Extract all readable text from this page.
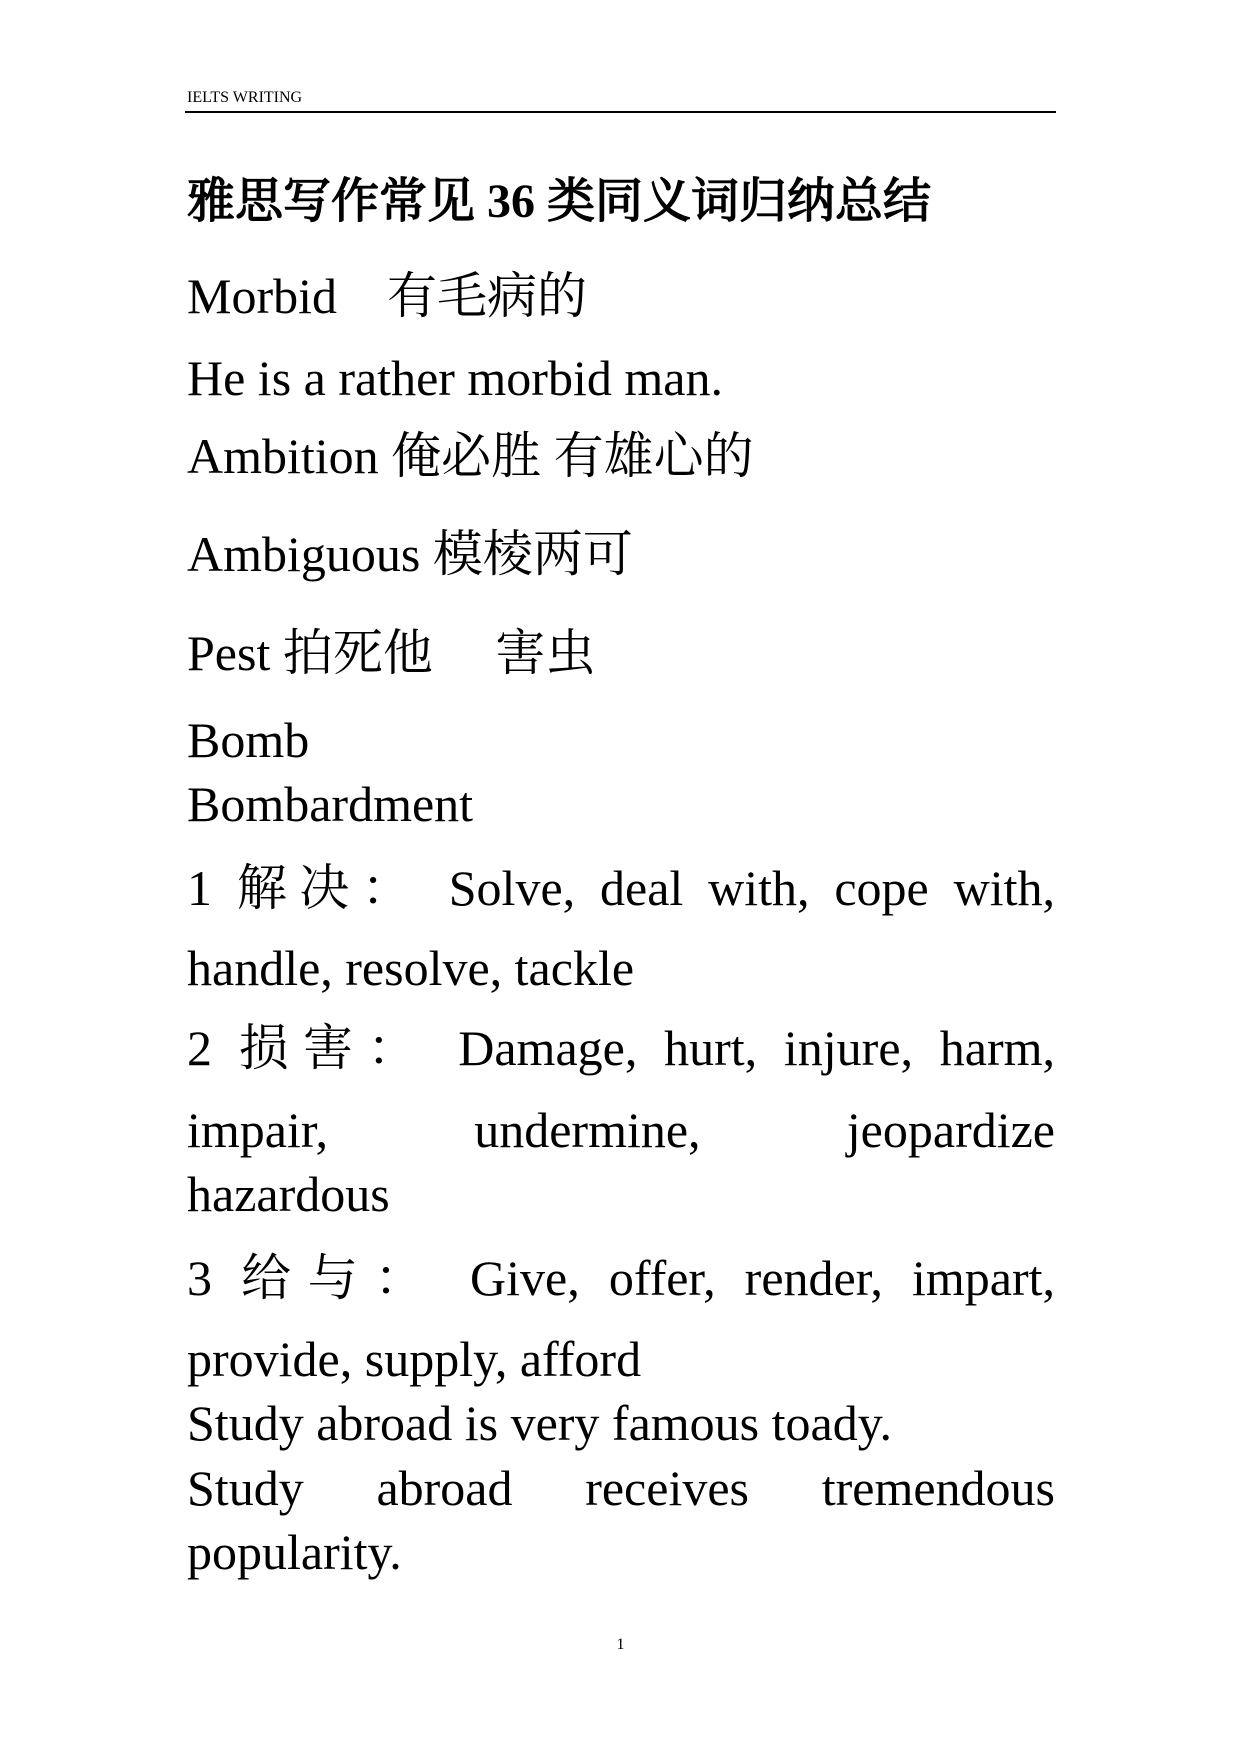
IELTS WRITING
雅思写作常见 36 类同义词归纳总结
Morbid　有毛病的
He is a rather morbid man.
Ambition 俺必胜 有雄心的
Ambiguous 模棱两可
Pest 拍死他　 害虫
Bomb
Bombardment
1 解决： Solve, deal with, cope with,
handle, resolve, tackle
2 损害： Damage, hurt, injure, harm,
impair, undermine, jeopardize
hazardous
3 给与： Give, offer, render, impart,
provide, supply, afford
Study abroad is very famous toady.
Study abroad receives tremendous
popularity.
1
